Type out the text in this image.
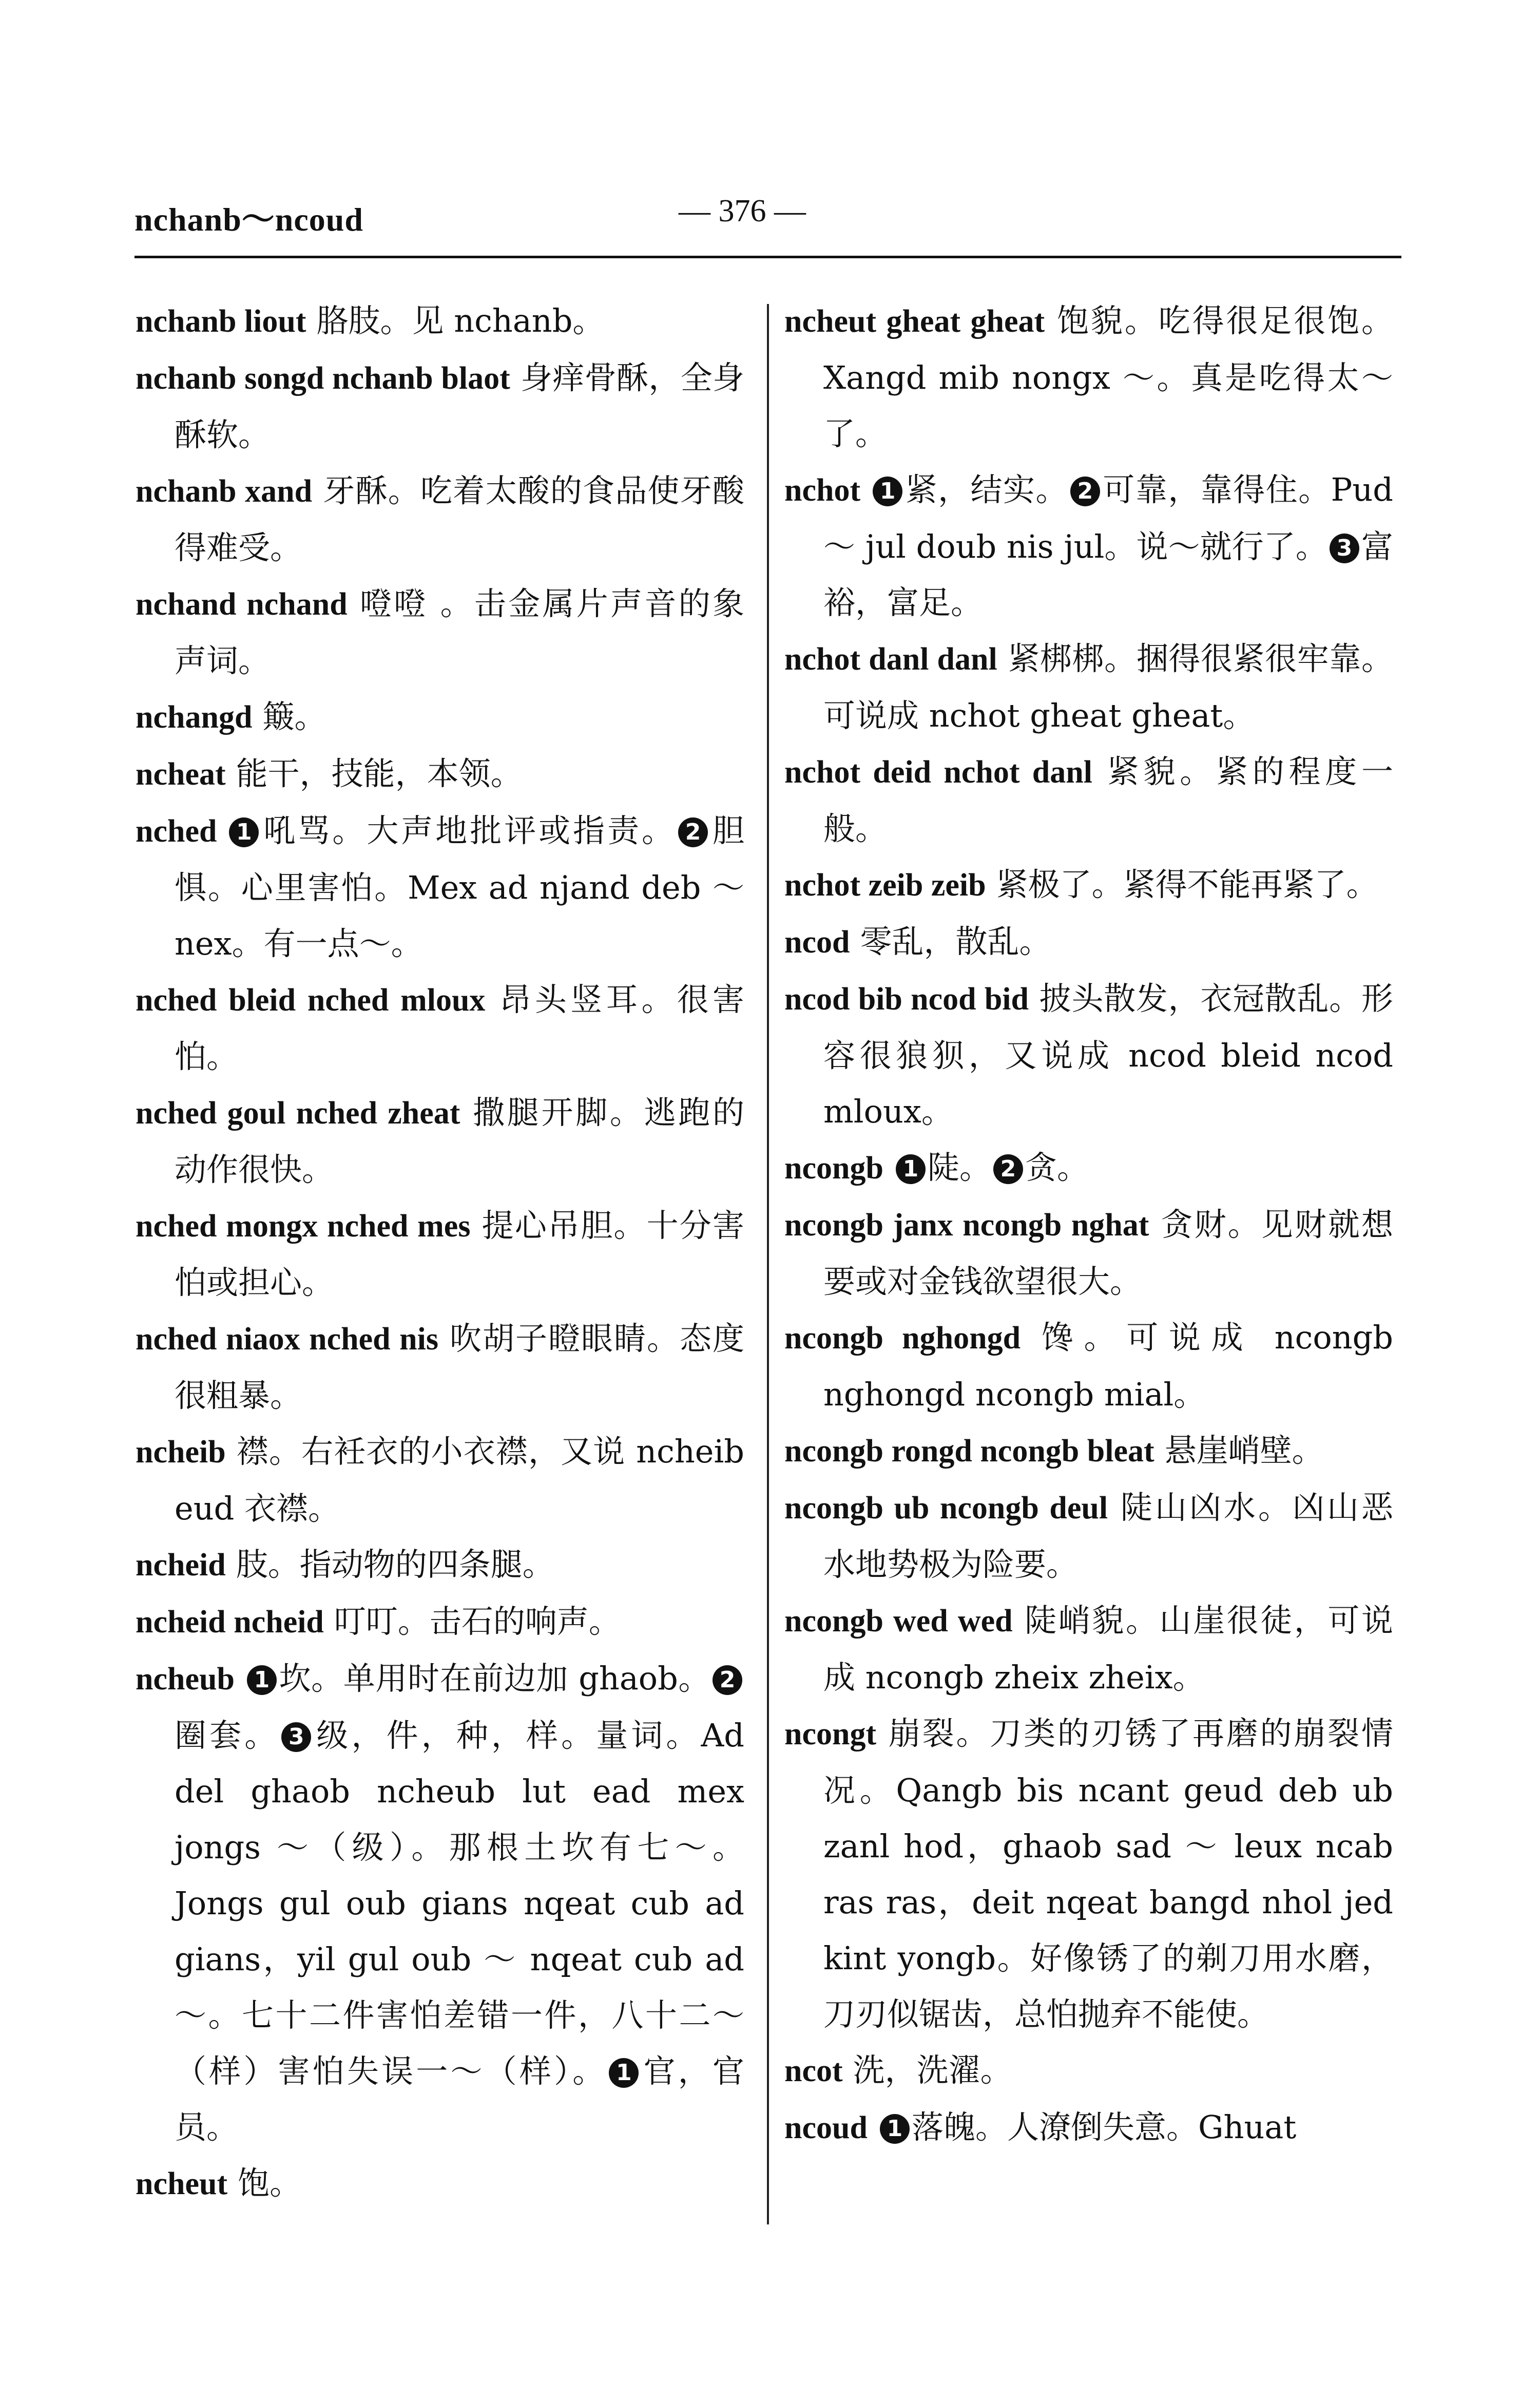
nchanb～ncoud	— 376 —
nchanb liout 胳肢。见 nchanb。
nchanb songd nchanb blaot 身痒骨酥，全身酥软。
nchanb xand 牙酥。吃着太酸的食品使牙酸得难受。
nchand nchand 噔噔 。击金属片声音的象声词。
nchangd 簸。
ncheat 能干，技能，本领。
nched 1 吼骂。大声地批评或指责。 2 胆惧。心里害怕。Mex ad njand deb ～ nex。有一点～。
nched bleid nched mloux 昂头竖耳。很害怕。
nched goul nched zheat 撒腿开脚。逃跑的动作很快。
nched mongx nched mes 提心吊胆。十分害怕或担心。
nched niaox nched nis 吹胡子瞪眼睛。态度很粗暴。
ncheib 襟。右衽衣的小衣襟，又说 ncheib eud 衣襟。
ncheid 肢。指动物的四条腿。
ncheid ncheid 叮叮。击石的响声。
ncheub 1 坎。单用时在前边加 ghaob。 2圈套。 3 级，件，种，样。量词。Ad del ghaob ncheub lut ead mex jongs ～（级）。那根土坎有七～。Jongs gul oub gians nqeat cub ad gians，yil gul oub ～ nqeat cub ad ～。七十二件害怕差错一件，八十二～（样）害怕失误一～（样）。 1 官，官员。
ncheut 饱。
ncheut gheat gheat 饱貌。吃得很足很饱。Xangd mib nongx ～。真是吃得太～了。
nchot 1 紧，结实。 2 可靠，靠得住。Pud ～ jul doub nis jul。说～就行了。 3 富裕，富足。
nchot danl danl 紧梆梆。捆得很紧很牢靠。可说成 nchot gheat gheat。
nchot deid nchot danl 紧貌。紧的程度一般。
nchot zeib zeib 紧极了。紧得不能再紧了。
ncod 零乱，散乱。
ncod bib ncod bid 披头散发，衣冠散乱。形容很狼狈，又说成 ncod bleid ncod mloux。
ncongb 1 陡。 2 贪。
ncongb janx ncongb nghat 贪财。见财就想要或对金钱欲望很大。
ncongb nghongd 馋。可说成 ncongb nghongd ncongb mial。
ncongb rongd ncongb bleat 悬崖峭壁。
ncongb ub ncongb deul 陡山凶水。凶山恶水地势极为险要。
ncongb wed wed 陡峭貌。山崖很徒，可说成 ncongb zheix zheix。
ncongt 崩裂。刀类的刃锈了再磨的崩裂情况。Qangb bis ncant geud deb ub zanl hod，ghaob sad ～ leux ncab ras ras，deit nqeat bangd nhol jed kint yongb。好像锈了的剃刀用水磨，刀刃似锯齿，总怕抛弃不能使。
ncot 洗，洗濯。
ncoud 1 落魄。人潦倒失意。Ghuat
